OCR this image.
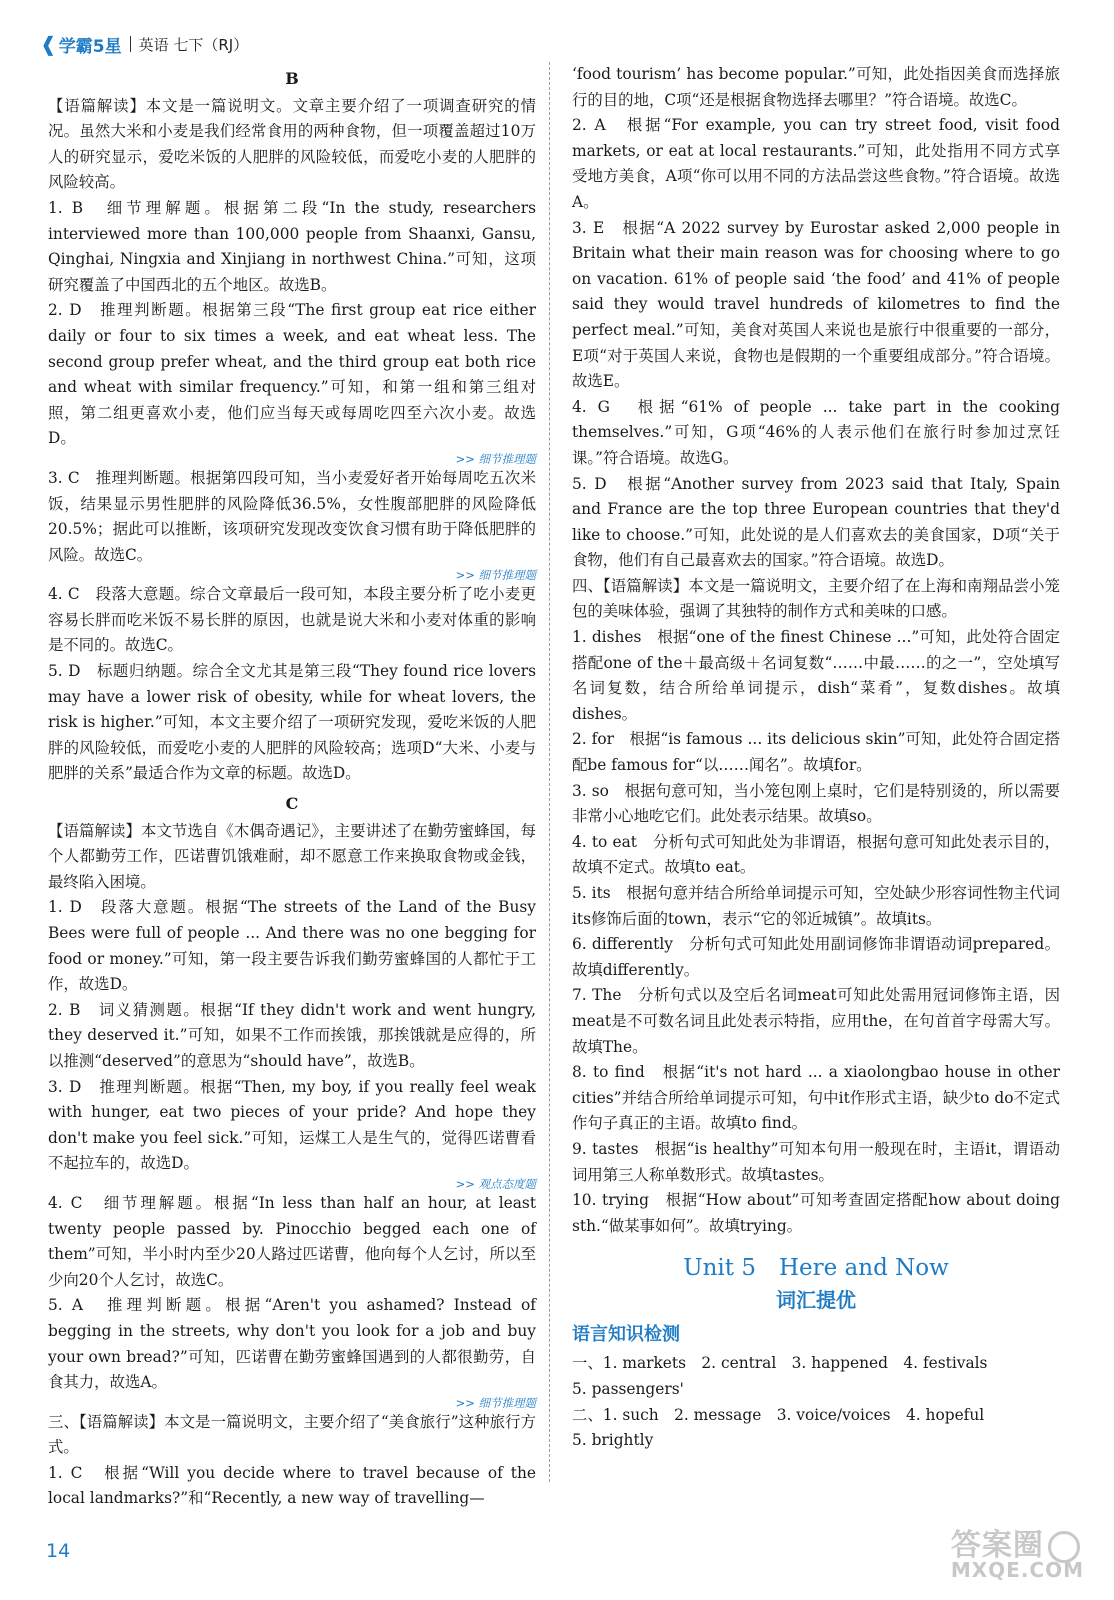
❰ 学霸5星 英语 七下（RJ）
B

【语篇解读】本文是一篇说明文。文章主要介绍了一项调查研究的情况。虽然大米和小麦是我们经常食用的两种食物，但一项覆盖超过10万人的研究显示，爱吃米饭的人肥胖的风险较低，而爱吃小麦的人肥胖的风险较高。

1. B　细节理解题。根据第二段“In the study, researchers interviewed more than 100,000 people from Shaanxi, Gansu, Qinghai, Ningxia and Xinjiang in northwest China.”可知，这项研究覆盖了中国西北的五个地区。故选B。

2. D　推理判断题。根据第三段“The first group eat rice either daily or four to six times a week, and eat wheat less. The second group prefer wheat, and the third group eat both rice and wheat with similar frequency.”可知，和第一组和第三组对照，第二组更喜欢小麦，他们应当每天或每周吃四至六次小麦。故选D。

>> 细节推理题

3. C　推理判断题。根据第四段可知，当小麦爱好者开始每周吃五次米饭，结果显示男性肥胖的风险降低36.5%，女性腹部肥胖的风险降低20.5%；据此可以推断，该项研究发现改变饮食习惯有助于降低肥胖的风险。故选C。

>> 细节推理题

4. C　段落大意题。综合文章最后一段可知，本段主要分析了吃小麦更容易长胖而吃米饭不易长胖的原因，也就是说大米和小麦对体重的影响是不同的。故选C。

5. D　标题归纳题。综合全文尤其是第三段“They found rice lovers may have a lower risk of obesity, while for wheat lovers, the risk is higher.”可知，本文主要介绍了一项研究发现，爱吃米饭的人肥胖的风险较低，而爱吃小麦的人肥胖的风险较高；选项D“大米、小麦与肥胖的关系”最适合作为文章的标题。故选D。

C

【语篇解读】本文节选自《木偶奇遇记》，主要讲述了在勤劳蜜蜂国，每个人都勤劳工作，匹诺曹饥饿难耐，却不愿意工作来换取食物或金钱，最终陷入困境。

1. D　段落大意题。根据“The streets of the Land of the Busy Bees were full of people ... And there was no one begging for food or money.”可知，第一段主要告诉我们勤劳蜜蜂国的人都忙于工作，故选D。

2. B　词义猜测题。根据“If they didn't work and went hungry, they deserved it.”可知，如果不工作而挨饿，那挨饿就是应得的，所以推测“deserved”的意思为“should have”，故选B。

3. D　推理判断题。根据“Then, my boy, if you really feel weak with hunger, eat two pieces of your pride? And hope they don't make you feel sick.”可知，运煤工人是生气的，觉得匹诺曹看不起拉车的，故选D。

>> 观点态度题

4. C　细节理解题。根据“In less than half an hour, at least twenty people passed by. Pinocchio begged each one of them”可知，半小时内至少20人路过匹诺曹，他向每个人乞讨，所以至少向20个人乞讨，故选C。

5. A　推理判断题。根据“Aren't you ashamed? Instead of begging in the streets, why don't you look for a job and buy your own bread?”可知，匹诺曹在勤劳蜜蜂国遇到的人都很勤劳，自食其力，故选A。

>> 细节推理题

三、【语篇解读】本文是一篇说明文，主要介绍了“美食旅行”这种旅行方式。

1. C　根据“Will you decide where to travel because of the local landmarks?”和“Recently, a new way of travelling—

‘food tourism’ has become popular.”可知，此处指因美食而选择旅行的目的地，C项“还是根据食物选择去哪里？”符合语境。故选C。

2. A　根据“For example, you can try street food, visit food markets, or eat at local restaurants.”可知，此处指用不同方式享受地方美食，A项“你可以用不同的方法品尝这些食物。”符合语境。故选A。

3. E　根据“A 2022 survey by Eurostar asked 2,000 people in Britain what their main reason was for choosing where to go on vacation. 61% of people said ‘the food’ and 41% of people said they would travel hundreds of kilometres to find the perfect meal.”可知，美食对英国人来说也是旅行中很重要的一部分，E项“对于英国人来说，食物也是假期的一个重要组成部分。”符合语境。故选E。

4. G　根据“61% of people ... take part in the cooking themselves.”可知，G项“46%的人表示他们在旅行时参加过烹饪课。”符合语境。故选G。

5. D　根据“Another survey from 2023 said that Italy, Spain and France are the top three European countries that they'd like to choose.”可知，此处说的是人们喜欢去的美食国家，D项“关于食物，他们有自己最喜欢去的国家。”符合语境。故选D。

四、【语篇解读】本文是一篇说明文，主要介绍了在上海和南翔品尝小笼包的美味体验，强调了其独特的制作方式和美味的口感。

1. dishes　根据“one of the finest Chinese ...”可知，此处符合固定搭配one of the＋最高级＋名词复数“……中最……的之一”，空处填写名词复数，结合所给单词提示，dish“菜肴”，复数dishes。故填dishes。

2. for　根据“is famous ... its delicious skin”可知，此处符合固定搭配be famous for“以……闻名”。故填for。

3. so　根据句意可知，当小笼包刚上桌时，它们是特别烫的，所以需要非常小心地吃它们。此处表示结果。故填so。

4. to eat　分析句式可知此处为非谓语，根据句意可知此处表示目的，故填不定式。故填to eat。

5. its　根据句意并结合所给单词提示可知，空处缺少形容词性物主代词its修饰后面的town，表示“它的邻近城镇”。故填its。

6. differently　分析句式可知此处用副词修饰非谓语动词prepared。故填differently。

7. The　分析句式以及空后名词meat可知此处需用冠词修饰主语，因meat是不可数名词且此处表示特指，应用the，在句首首字母需大写。故填The。

8. to find　根据“it's not hard ... a xiaolongbao house in other cities”并结合所给单词提示可知，句中it作形式主语，缺少to do不定式作句子真正的主语。故填to find。

9. tastes　根据“is healthy”可知本句用一般现在时，主语it，谓语动词用第三人称单数形式。故填tastes。

10. trying　根据“How about”可知考查固定搭配how about doing sth.“做某事如何”。故填trying。

Unit 5　Here and Now
词汇提优
语言知识检测

一、1. markets　2. central　3. happened　4. festivals

5. passengers'

二、1. such　2. message　3. voice/voices　4. hopeful

5. brightly

14	答案圈
MXQE.COM
